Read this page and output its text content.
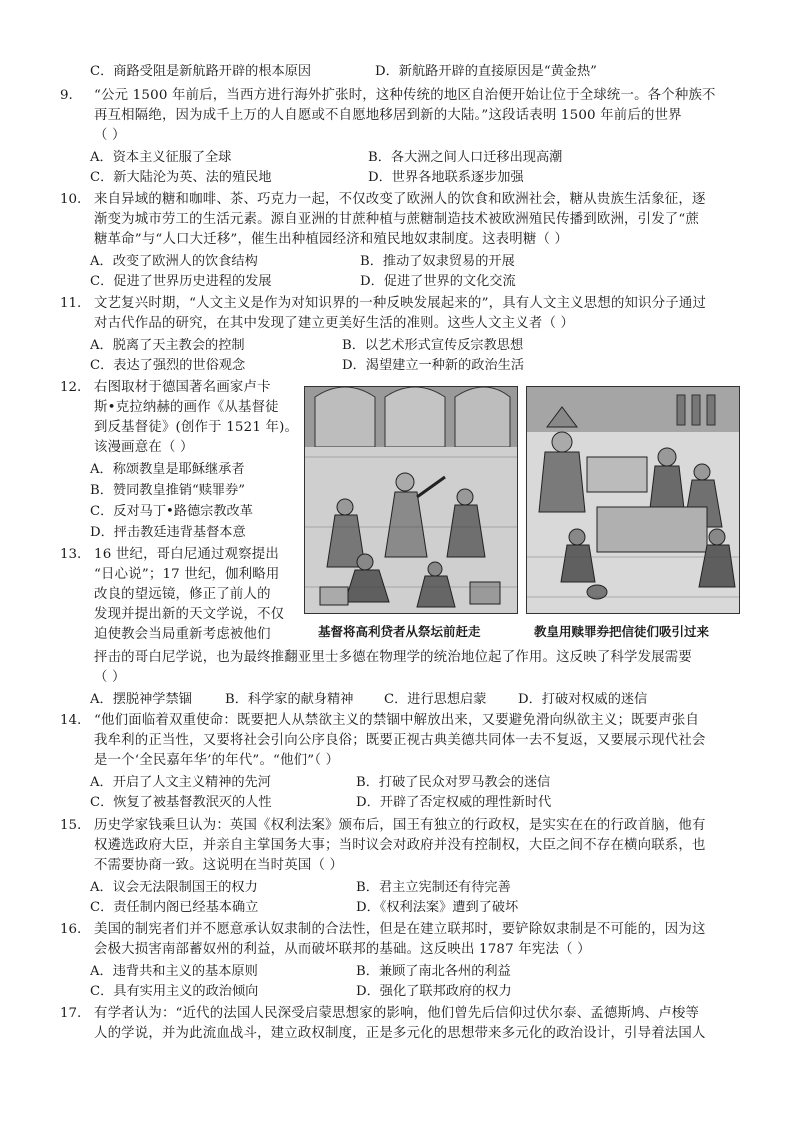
C．商路受阻是新航路开辟的根本原因	D．新航路开辟的直接原因是“黄金热”
9. “公元 1500 年前后，当西方进行海外扩张时，这种传统的地区自治便开始让位于全球统一。各个种族不
再互相隔绝，因为成千上万的人自愿或不自愿地移居到新的大陆。”这段话表明 1500 年前后的世界
（ ）
A．资本主义征服了全球	B．各大洲之间人口迁移出现高潮
C．新大陆沦为英、法的殖民地	D．世界各地联系逐步加强
10. 来自异域的糖和咖啡、茶、巧克力一起，不仅改变了欧洲人的饮食和欧洲社会，糖从贵族生活象征，逐
渐变为城市劳工的生活元素。源自亚洲的甘蔗种植与蔗糖制造技术被欧洲殖民传播到欧洲，引发了“蔗
糖革命”与“人口大迁移”，催生出种植园经济和殖民地奴隶制度。这表明糖（ ）
A．改变了欧洲人的饮食结构	B．推动了奴隶贸易的开展
C．促进了世界历史进程的发展	D．促进了世界的文化交流
11. 文艺复兴时期，“人文主义是作为对知识界的一种反映发展起来的”，具有人文主义思想的知识分子通过
对古代作品的研究，在其中发现了建立更美好生活的准则。这些人文主义者（ ）
A．脱离了天主教会的控制	B．以艺术形式宣传反宗教思想
C．表达了强烈的世俗观念	D．渴望建立一种新的政治生活
12. 右图取材于德国著名画家卢卡
斯•克拉纳赫的画作《从基督徒
到反基督徒》(创作于 1521 年)。
该漫画意在（ ）
A．称颂教皇是耶稣继承者
B．赞同教皇推销“赎罪券”
C．反对马丁•路德宗教改革
D．抨击教廷违背基督本意
基督将高利贷者从祭坛前赶走	教皇用赎罪券把信徒们吸引过来
13. 16 世纪，哥白尼通过观察提出
“日心说”；17 世纪，伽利略用
改良的望远镜，修正了前人的
发现并提出新的天文学说，不仅
迫使教会当局重新考虑被他们
抨击的哥白尼学说，也为最终推翻亚里士多德在物理学的统治地位起了作用。这反映了科学发展需要
（ ）
A．摆脱神学禁锢	B．科学家的献身精神 C．进行思想启蒙 D．打破对权威的迷信
14. “他们面临着双重使命：既要把人从禁欲主义的禁锢中解放出来，又要避免滑向纵欲主义；既要声张自
我牟利的正当性，又要将社会引向公序良俗；既要正视古典美德共同体一去不复返，又要展示现代社会
是一个‘全民嘉年华’的年代”。“他们”（ ）
A．开启了人文主义精神的先河	B．打破了民众对罗马教会的迷信
C．恢复了被基督教泯灭的人性	D．开辟了否定权威的理性新时代
15. 历史学家钱乘旦认为：英国《权利法案》颁布后，国王有独立的行政权，是实实在在的行政首脑，他有
权遴选政府大臣，并亲自主掌国务大事；当时议会对政府并没有控制权，大臣之间不存在横向联系，也
不需要协商一致。这说明在当时英国（ ）
A．议会无法限制国王的权力	B．君主立宪制还有待完善
C．责任制内阁已经基本确立	D．《权利法案》遭到了破坏
16. 美国的制宪者们并不愿意承认奴隶制的合法性，但是在建立联邦时，要铲除奴隶制是不可能的，因为这
会极大损害南部蓄奴州的利益，从而破坏联邦的基础。这反映出 1787 年宪法（ ）
A．违背共和主义的基本原则	B．兼顾了南北各州的利益
C．具有实用主义的政治倾向	D．强化了联邦政府的权力
17. 有学者认为：“近代的法国人民深受启蒙思想家的影响，他们曾先后信仰过伏尔泰、孟德斯鸠、卢梭等
人的学说，并为此流血战斗，建立政权制度，正是多元化的思想带来多元化的政治设计，引导着法国人
